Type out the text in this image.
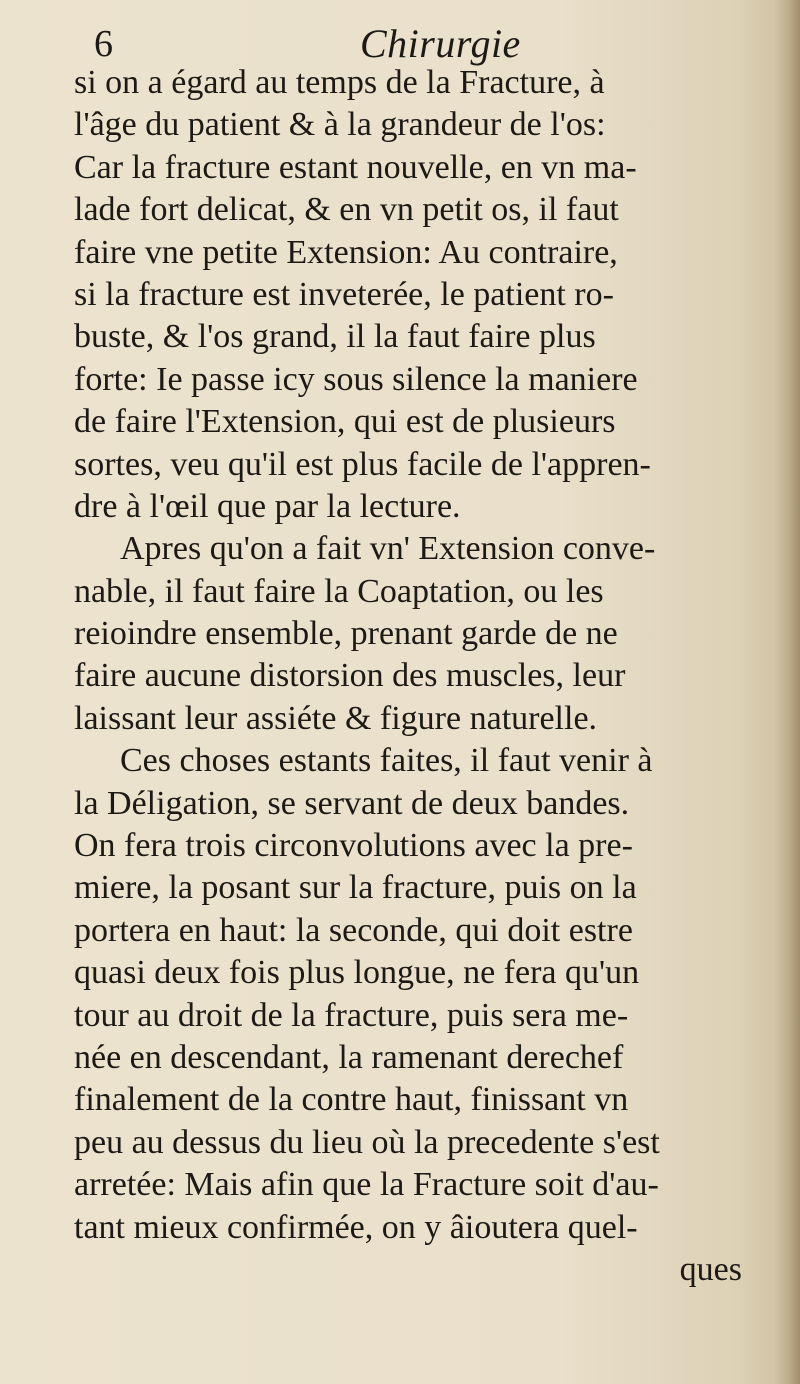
6	Chirurgie
si on a égard au temps de la Fracture, à
l'âge du patient & à la grandeur de l'os:
Car la fracture estant nouvelle, en vn ma-
lade fort delicat, & en vn petit os, il faut
faire vne petite Extension: Au contraire,
si la fracture est inveterée, le patient ro-
buste, & l'os grand, il la faut faire plus
forte: Ie passe icy sous silence la maniere
de faire l'Extension, qui est de plusieurs
sortes, veu qu'il est plus facile de l'appren-
dre à l'œil que par la lecture.
Apres qu'on a fait vn' Extension conve-
nable, il faut faire la Coaptation, ou les
reioindre ensemble, prenant garde de ne
faire aucune distorsion des muscles, leur
laissant leur assiéte & figure naturelle.
Ces choses estants faites, il faut venir à
la Déligation, se servant de deux bandes.
On fera trois circonvolutions avec la pre-
miere, la posant sur la fracture, puis on la
portera en haut: la seconde, qui doit estre
quasi deux fois plus longue, ne fera qu'un
tour au droit de la fracture, puis sera me-
née en descendant, la ramenant derechef
finalement de la contre haut, finissant vn
peu au dessus du lieu où la precedente s'est
arretée: Mais afin que la Fracture soit d'au-
tant mieux confirmée, on y âioutera quel-
ques
